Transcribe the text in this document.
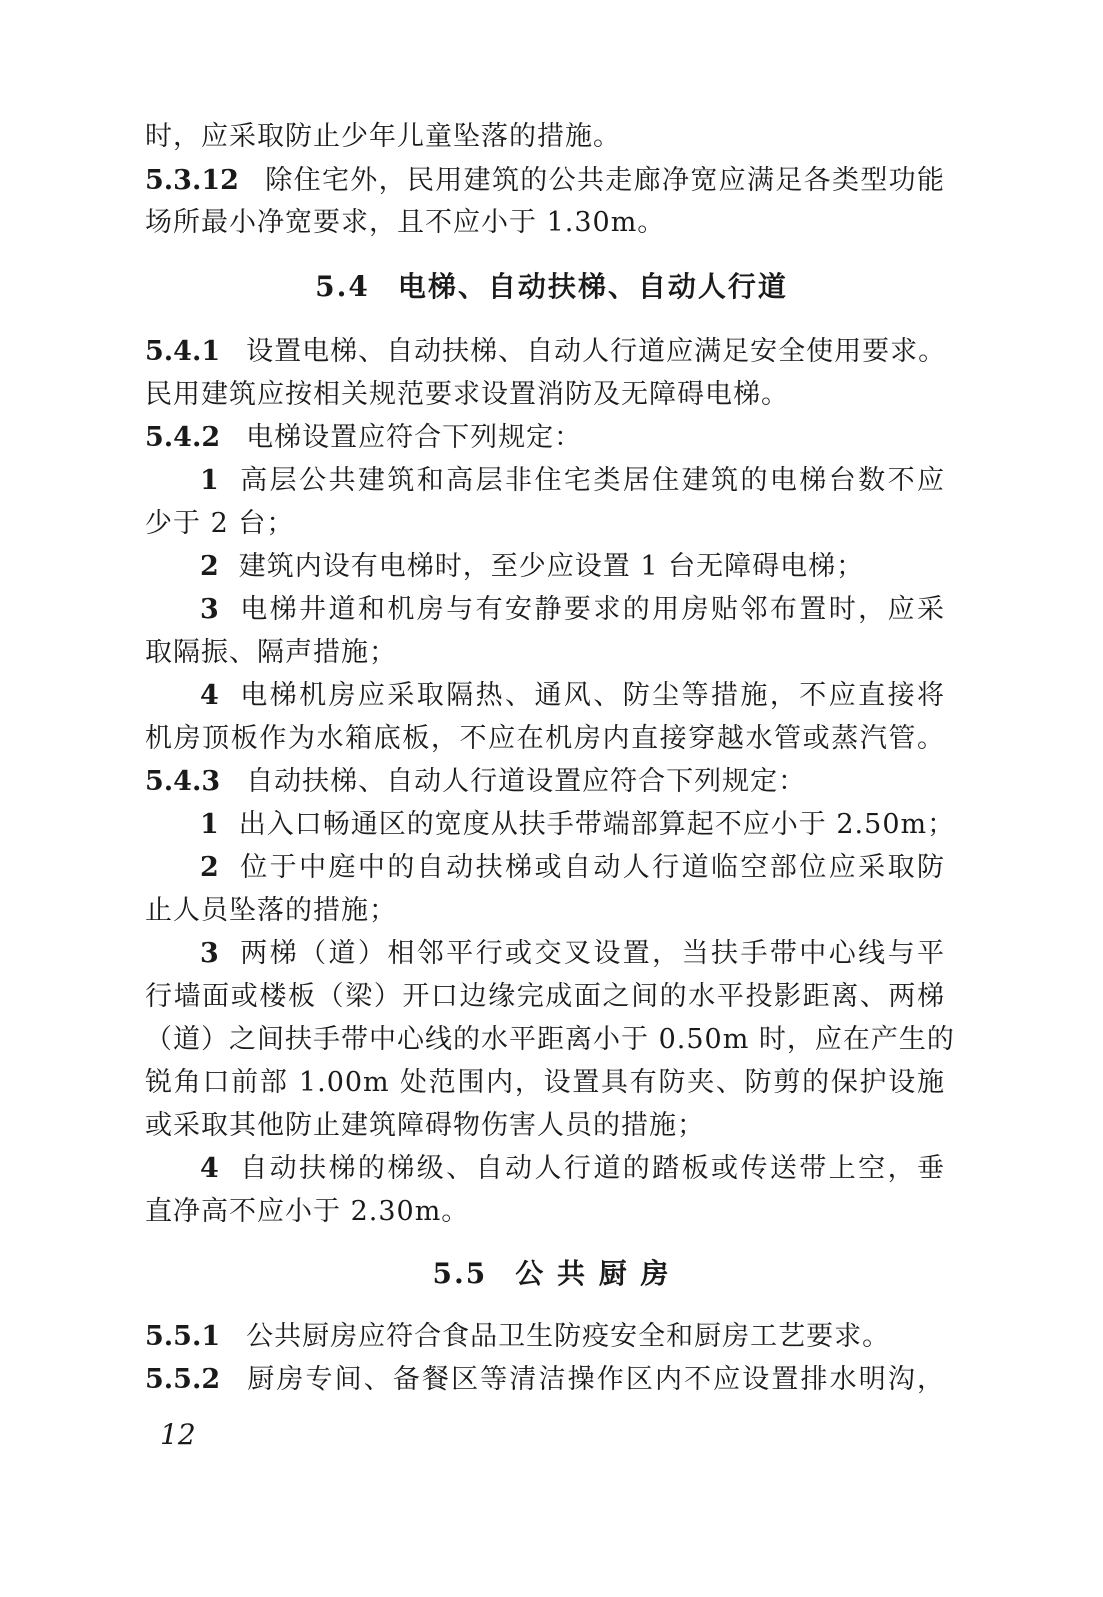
时，应采取防止少年儿童坠落的措施。
5.3.12 除住宅外，民用建筑的公共走廊净宽应满足各类型功能
场所最小净宽要求，且不应小于 1.30m。
5.4 电梯、自动扶梯、自动人行道
5.4.1 设置电梯、自动扶梯、自动人行道应满足安全使用要求。
民用建筑应按相关规范要求设置消防及无障碍电梯。
5.4.2 电梯设置应符合下列规定：
1 高层公共建筑和高层非住宅类居住建筑的电梯台数不应
少于 2 台；
2 建筑内设有电梯时，至少应设置 1 台无障碍电梯；
3 电梯井道和机房与有安静要求的用房贴邻布置时，应采
取隔振、隔声措施；
4 电梯机房应采取隔热、通风、防尘等措施，不应直接将
机房顶板作为水箱底板，不应在机房内直接穿越水管或蒸汽管。
5.4.3 自动扶梯、自动人行道设置应符合下列规定：
1 出入口畅通区的宽度从扶手带端部算起不应小于 2.50m；
2 位于中庭中的自动扶梯或自动人行道临空部位应采取防
止人员坠落的措施；
3 两梯（道）相邻平行或交叉设置，当扶手带中心线与平
行墙面或楼板（梁）开口边缘完成面之间的水平投影距离、两梯
（道）之间扶手带中心线的水平距离小于 0.50m 时，应在产生的
锐角口前部 1.00m 处范围内，设置具有防夹、防剪的保护设施
或采取其他防止建筑障碍物伤害人员的措施；
4 自动扶梯的梯级、自动人行道的踏板或传送带上空，垂
直净高不应小于 2.30m。
5.5 公 共 厨 房
5.5.1 公共厨房应符合食品卫生防疫安全和厨房工艺要求。
5.5.2 厨房专间、备餐区等清洁操作区内不应设置排水明沟，
12
